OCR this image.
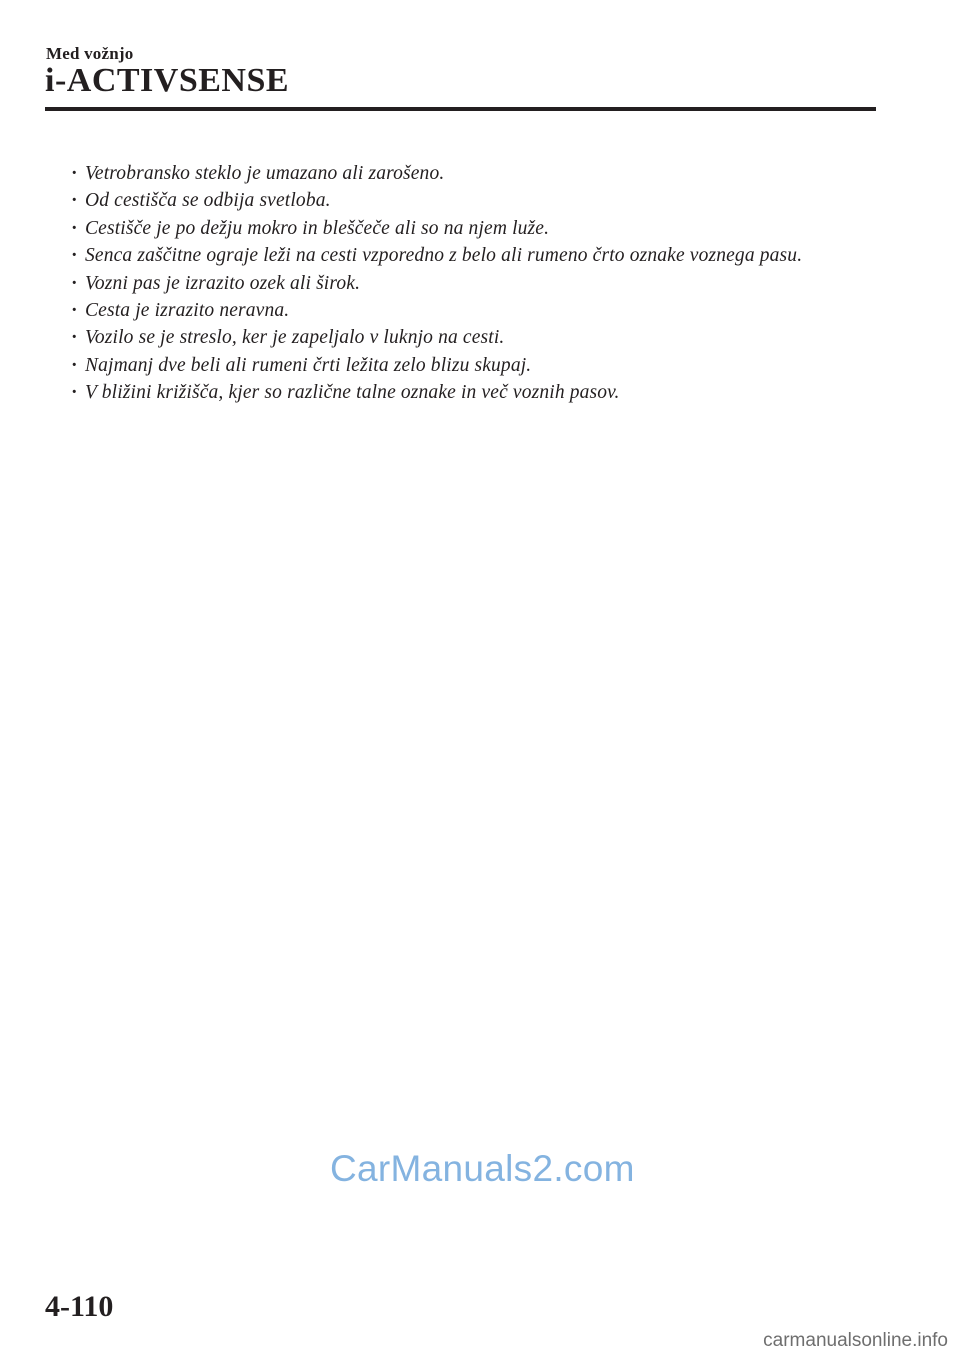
Med vožnjo
i-ACTIVSENSE
· Vetrobransko steklo je umazano ali zarošeno.
· Od cestišča se odbija svetloba.
· Cestišče je po dežju mokro in bleščeče ali so na njem luže.
· Senca zaščitne ograje leži na cesti vzporedno z belo ali rumeno črto oznake voznega pasu.
· Vozni pas je izrazito ozek ali širok.
· Cesta je izrazito neravna.
· Vozilo se je streslo, ker je zapeljalo v luknjo na cesti.
· Najmanj dve beli ali rumeni črti ležita zelo blizu skupaj.
· V bližini križišča, kjer so različne talne oznake in več voznih pasov.
CarManuals2.com
4-110
carmanualsonline.info
